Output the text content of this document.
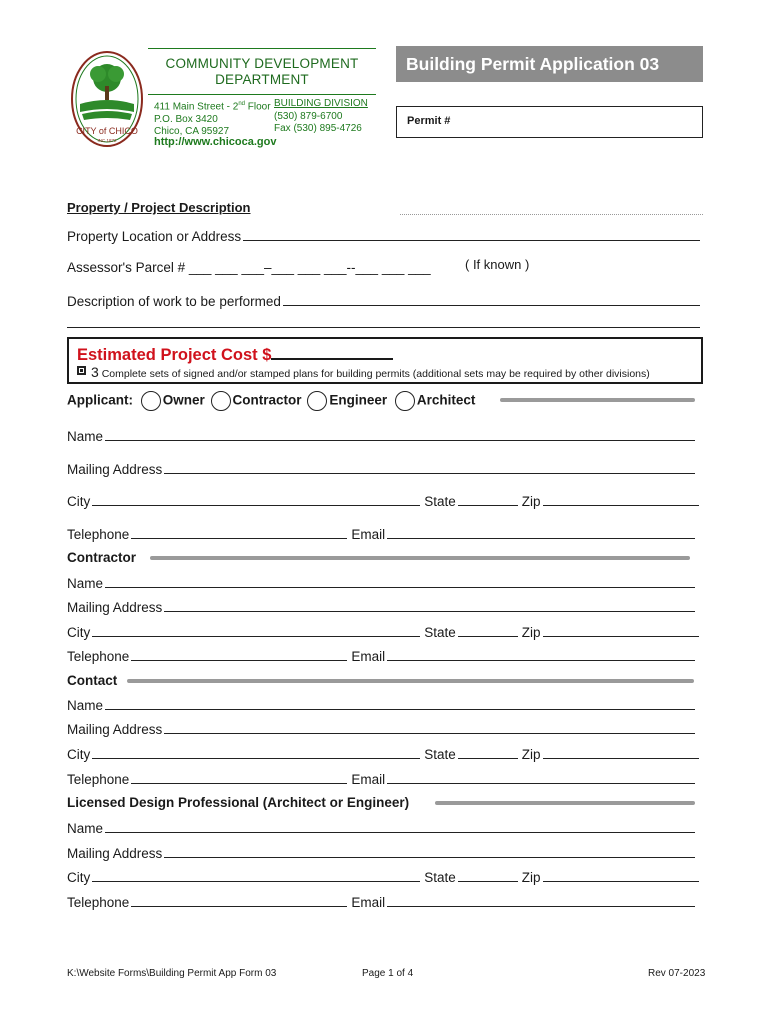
CITY of CHICO
INC 1872
COMMUNITY DEVELOPMENT DEPARTMENT
411 Main Street - 2nd Floor
P.O. Box 3420
Chico, CA 95927
BUILDING DIVISION
(530) 879-6700
Fax (530) 895-4726
http://www.chicoca.gov
Building Permit Application 03
Permit #
Property / Project Description
Property Location or Address
Assessor's Parcel #
___ ___ ___–___ ___ ___--___ ___ ___	( If known )
Description of work to be performed
Estimated Project Cost $
3 Complete sets of signed and/or stamped plans for building permits (additional sets may be required by other divisions)
Applicant: Owner Contractor Engineer Architect
Name
Mailing Address
City	State	Zip
Telephone	Email
Contractor
Name
Mailing Address
City	State	Zip
Telephone	Email
Contact
Name
Mailing Address
City	State	Zip
Telephone	Email
Licensed Design Professional (Architect or Engineer)
Name
Mailing Address
City	State	Zip
Telephone	Email
K:\Website Forms\Building Permit App Form 03	Page 1 of 4	Rev 07-2023
